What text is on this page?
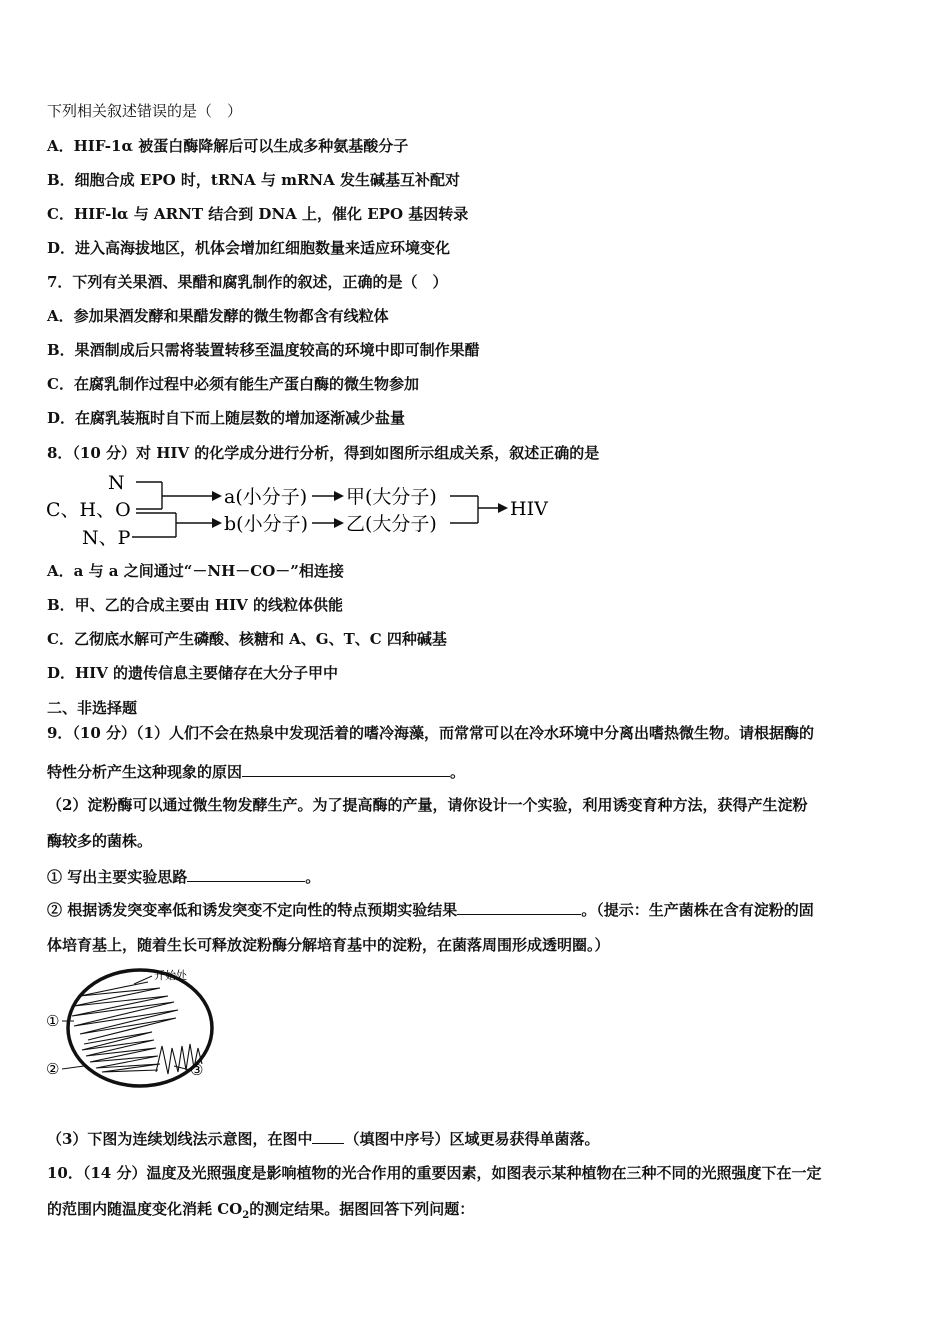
下列相关叙述错误的是（　）
A．HIF-1α 被蛋白酶降解后可以生成多种氨基酸分子
B．细胞合成 EPO 时，tRNA 与 mRNA 发生碱基互补配对
C．HIF-lα 与 ARNT 结合到 DNA 上，催化 EPO 基因转录
D．进入高海拔地区，机体会增加红细胞数量来适应环境变化
7．下列有关果酒、果醋和腐乳制作的叙述，正确的是（　）
A．参加果酒发酵和果醋发酵的微生物都含有线粒体
B．果酒制成后只需将装置转移至温度较高的环境中即可制作果醋
C．在腐乳制作过程中必须有能生产蛋白酶的微生物参加
D．在腐乳装瓶时自下而上随层数的增加逐渐减少盐量
8．（10 分）对 HIV 的化学成分进行分析，得到如图所示组成关系，叙述正确的是
N
C、H、O
N、P
a(小分子)
b(小分子)
甲(大分子)
乙(大分子)
HIV
A．a 与 a 之间通过“－NH－CO－”相连接
B．甲、乙的合成主要由 HIV 的线粒体供能
C．乙彻底水解可产生磷酸、核糖和 A、G、T、C 四种碱基
D．HIV 的遗传信息主要储存在大分子甲中
二、非选择题
9．（10 分）（1）人们不会在热泉中发现活着的嗜冷海藻，而常常可以在冷水环境中分离出嗜热微生物。请根据酶的
特性分析产生这种现象的原因	。
（2）淀粉酶可以通过微生物发酵生产。为了提高酶的产量，请你设计一个实验，利用诱变育种方法，获得产生淀粉
酶较多的菌株。
① 写出主要实验思路	。
② 根据诱发突变率低和诱发突变不定向性的特点预期实验结果	。（提示：生产菌株在含有淀粉的固
体培育基上，随着生长可释放淀粉酶分解培育基中的淀粉，在菌落周围形成透明圈。）
开始处
①
②	③
（3）下图为连续划线法示意图，在图中 （填图中序号）区域更易获得单菌落。
10．（14 分）温度及光照强度是影响植物的光合作用的重要因素，如图表示某种植物在三种不同的光照强度下在一定
的范围内随温度变化消耗 $CO_2$的测定结果。据图回答下列问题：
